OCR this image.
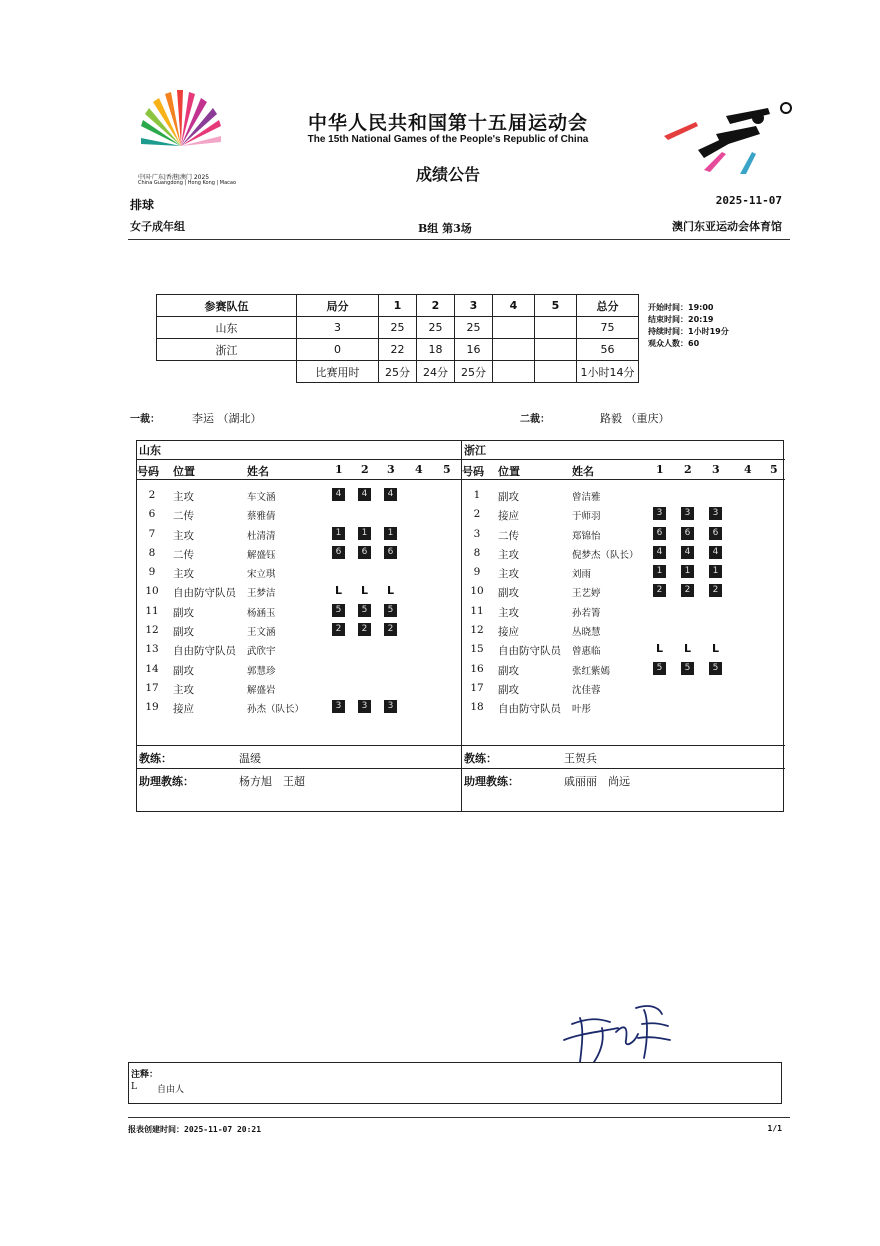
中国·广东|香港|澳门 2025
China Guangdong | Hong Kong | Macao
中华人民共和国第十五届运动会
The 15th National Games of the People's Republic of China
成绩公告
2025-11-07
排球
女子成年组	B组 第3场	澳门东亚运动会体育馆
参赛队伍	局分	1	2	3	4	5	总分
山东	3	25	25	25			75
浙江	0	22	18	16			56
	比赛用时	25分	24分	25分			1小时14分
开始时间：19:00
结束时间：20:19
持续时间：1小时19分
观众人数：60
一裁：	李运 （湖北）	二裁：	路毅 （重庆）
山东
号码 位置	姓名	1 2 3 4 5
2	主攻	车文涵	4	4	4
6	二传	蔡雅倩
7	主攻	杜清清	1	1	1
8	二传	解盛钰	6	6	6
9	主攻	宋立琪
10 自由防守队员 王梦洁	L L L
11 副攻	杨涵玉	5	5	5
12 副攻	王文涵	2	2	2
13 自由防守队员 武欣宇
14 副攻	郭慧珍
17 主攻	解盛岩
19 接应	孙杰（队长）	3	3	3
教练：	温缓
助理教练：	杨方旭　王超
浙江
号码 位置	姓名	1 2 3 4 5
1	副攻	曾洁雅
2	接应	于师羽	3	3	3
3	二传	郑锦怡	6	6	6
8	主攻	倪梦杰（队长）	4	4	4
9	主攻	刘雨	1	1	1
10 副攻	王艺婷	2	2	2
11 主攻	孙若箐
12 接应	丛晓慧
15 自由防守队员 曾惠临	L L L
16 副攻	张红紫嫣	5	5	5
17 副攻	沈佳蓉
18 自由防守队员 叶彤
教练：	王贺兵
助理教练：	戚丽丽　尚远
注释：
L 自由人
报表创建时间：2025-11-07 20:21	1/1
